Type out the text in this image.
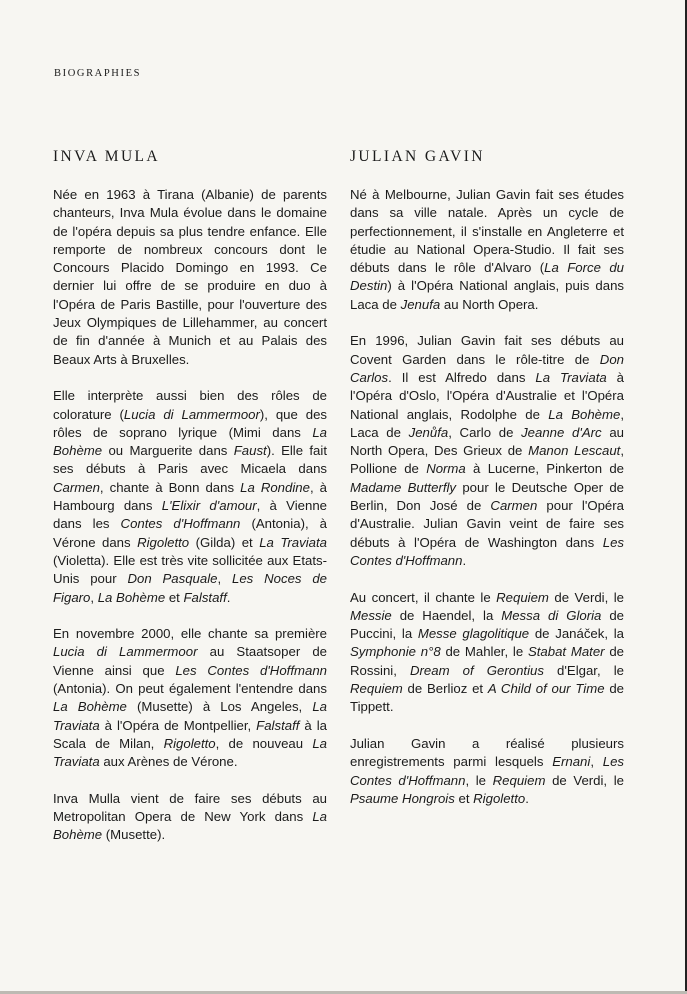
BIOGRAPHIES
INVA MULA

Née en 1963 à Tirana (Albanie) de parents chanteurs, Inva Mula évolue dans le domaine de l'opéra depuis sa plus tendre enfance. Elle remporte de nombreux concours dont le Concours Placido Domingo en 1993. Ce dernier lui offre de se produire en duo à l'Opéra de Paris Bastille, pour l'ouverture des Jeux Olympiques de Lillehammer, au concert de fin d'année à Munich et au Palais des Beaux Arts à Bruxelles.

Elle interprète aussi bien des rôles de colorature (Lucia di Lammermoor), que des rôles de soprano lyrique (Mimi dans La Bohème ou Marguerite dans Faust). Elle fait ses débuts à Paris avec Micaela dans Carmen, chante à Bonn dans La Rondine, à Hambourg dans L'Elixir d'amour, à Vienne dans les Contes d'Hoffmann (Antonia), à Vérone dans Rigoletto (Gilda) et La Traviata (Violetta). Elle est très vite sollicitée aux Etats-Unis pour Don Pasquale, Les Noces de Figaro, La Bohème et Falstaff.

En novembre 2000, elle chante sa première Lucia di Lammermoor au Staatsoper de Vienne ainsi que Les Contes d'Hoffmann (Antonia). On peut également l'entendre dans La Bohème (Musette) à Los Angeles, La Traviata à l'Opéra de Montpellier, Falstaff à la Scala de Milan, Rigoletto, de nouveau La Traviata aux Arènes de Vérone.

Inva Mulla vient de faire ses débuts au Metropolitan Opera de New York dans La Bohème (Musette).

JULIAN GAVIN

Né à Melbourne, Julian Gavin fait ses études dans sa ville natale. Après un cycle de perfectionnement, il s'installe en Angleterre et étudie au National Opera-Studio. Il fait ses débuts dans le rôle d'Alvaro (La Force du Destin) à l'Opéra National anglais, puis dans Laca de Jenufa au North Opera.

En 1996, Julian Gavin fait ses débuts au Covent Garden dans le rôle-titre de Don Carlos. Il est Alfredo dans La Traviata à l'Opéra d'Oslo, l'Opéra d'Australie et l'Opéra National anglais, Rodolphe de La Bohème, Laca de Jenůfa, Carlo de Jeanne d'Arc au North Opera, Des Grieux de Manon Lescaut, Pollione de Norma à Lucerne, Pinkerton de Madame Butterfly pour le Deutsche Oper de Berlin, Don José de Carmen pour l'Opéra d'Australie. Julian Gavin veint de faire ses débuts à l'Opéra de Washington dans Les Contes d'Hoffmann.

Au concert, il chante le Requiem de Verdi, le Messie de Haendel, la Messa di Gloria de Puccini, la Messe glagolitique de Janáček, la Symphonie n°8 de Mahler, le Stabat Mater de Rossini, Dream of Gerontius d'Elgar, le Requiem de Berlioz et A Child of our Time de Tippett.

Julian Gavin a réalisé plusieurs enregistrements parmi lesquels Ernani, Les Contes d'Hoffmann, le Requiem de Verdi, le Psaume Hongrois et Rigoletto.
